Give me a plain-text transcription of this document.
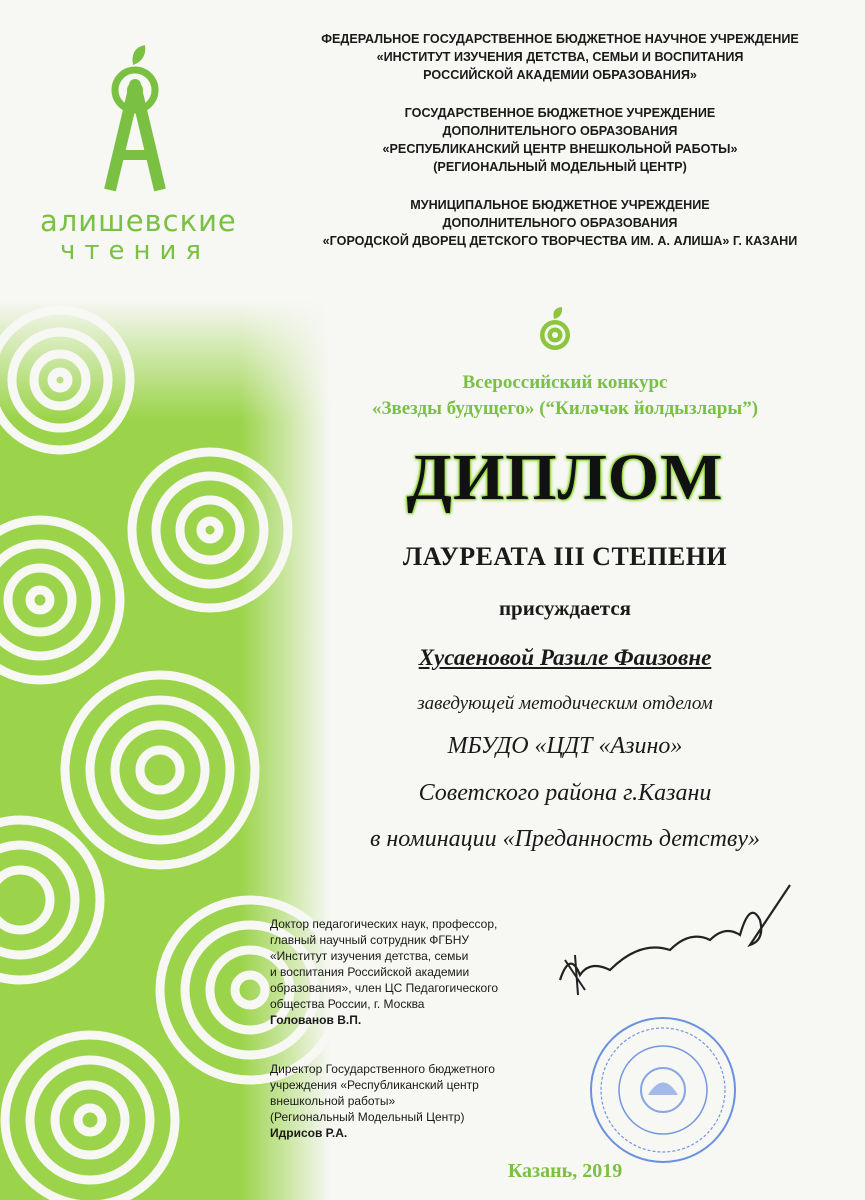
алишевские
чтения

ФЕДЕРАЛЬНОЕ ГОСУДАРСТВЕННОЕ БЮДЖЕТНОЕ НАУЧНОЕ УЧРЕЖДЕНИЕ
«ИНСТИТУТ ИЗУЧЕНИЯ ДЕТСТВА, СЕМЬИ И ВОСПИТАНИЯ
РОССИЙСКОЙ АКАДЕМИИ ОБРАЗОВАНИЯ»

ГОСУДАРСТВЕННОЕ БЮДЖЕТНОЕ УЧРЕЖДЕНИЕ
ДОПОЛНИТЕЛЬНОГО ОБРАЗОВАНИЯ
«РЕСПУБЛИКАНСКИЙ ЦЕНТР ВНЕШКОЛЬНОЙ РАБОТЫ»
(РЕГИОНАЛЬНЫЙ МОДЕЛЬНЫЙ ЦЕНТР)

МУНИЦИПАЛЬНОЕ БЮДЖЕТНОЕ УЧРЕЖДЕНИЕ
ДОПОЛНИТЕЛЬНОГО ОБРАЗОВАНИЯ
«ГОРОДСКОЙ ДВОРЕЦ ДЕТСКОГО ТВОРЧЕСТВА ИМ. А. АЛИША» Г. КАЗАНИ

Всероссийский конкурс
«Звезды будущего» (“Киләчәк йолдызлары”)
ДИПЛОМ
ЛАУРЕАТА III СТЕПЕНИ
присуждается
Хусаеновой Разиле Фаизовне
заведующей методическим отделом
МБУДО «ЦДТ «Азино»
Советского района г.Казани
в номинации «Преданность детству»

Доктор педагогических наук, профессор,
главный научный сотрудник ФГБНУ
«Институт изучения детства, семьи
и воспитания Российской академии
образования», член ЦС Педагогического
общества России, г. Москва

Голованов В.П.

Директор Государственного бюджетного
учреждения «Республиканский центр
внешкольной работы»
(Региональный Модельный Центр)

Идрисов Р.А.

Казань, 2019
